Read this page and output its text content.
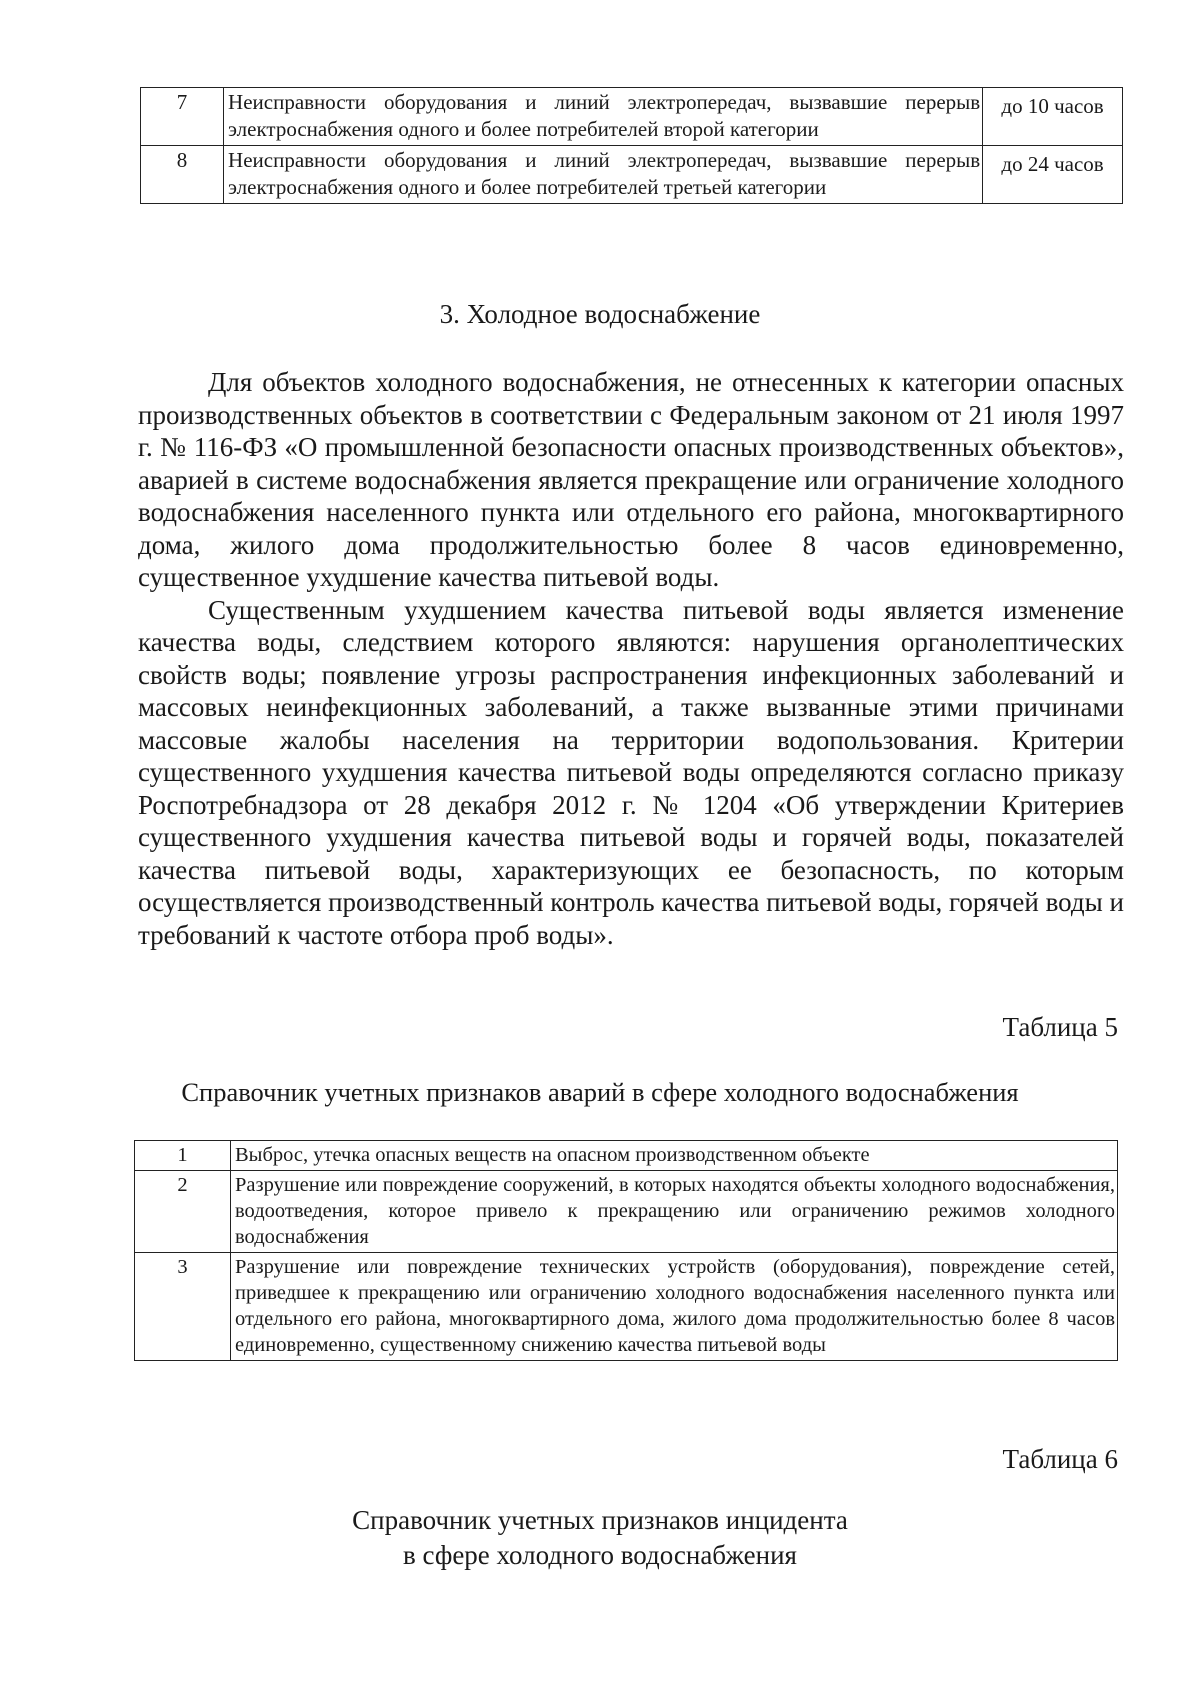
7	Неисправности оборудования и линий электропередач, вызвавшие перерыв электроснабжения одного и более потребителей второй категории	до 10 часов
8	Неисправности оборудования и линий электропередач, вызвавшие перерыв электроснабжения одного и более потребителей третьей категории	до 24 часов
3. Холодное водоснабжение

Для объектов холодного водоснабжения, не отнесенных к категории опасных производственных объектов в соответствии с Федеральным законом от 21 июля 1997 г. № 116-ФЗ «О промышленной безопасности опасных производственных объектов», аварией в системе водоснабжения является прекращение или ограничение холодного водоснабжения населенного пункта или отдельного его района, многоквартирного дома, жилого дома продолжительностью более 8 часов единовременно, существенное ухудшение качества питьевой воды.

Существенным ухудшением качества питьевой воды является изменение качества воды, следствием которого являются: нарушения органолептических свойств воды; появление угрозы распространения инфекционных заболеваний и массовых неинфекционных заболеваний, а также вызванные этими причинами массовые жалобы населения на территории водопользования. Критерии существенного ухудшения качества питьевой воды определяются согласно приказу Роспотребнадзора от 28 декабря 2012 г. № 1204 «Об утверждении Критериев существенного ухудшения качества питьевой воды и горячей воды, показателей качества питьевой воды, характеризующих ее безопасность, по которым осуществляется производственный контроль качества питьевой воды, горячей воды и требований к частоте отбора проб воды».

Таблица 5
Справочник учетных признаков аварий в сфере холодного водоснабжения
1	Выброс, утечка опасных веществ на опасном производственном объекте
2	Разрушение или повреждение сооружений, в которых находятся объекты холодного водоснабжения, водоотведения, которое привело к прекращению или ограничению режимов холодного водоснабжения
3	Разрушение или повреждение технических устройств (оборудования), повреждение сетей, приведшее к прекращению или ограничению холодного водоснабжения населенного пункта или отдельного его района, многоквартирного дома, жилого дома продолжительностью более 8 часов единовременно, существенному снижению качества питьевой воды
Таблица 6
Справочник учетных признаков инцидента
в сфере холодного водоснабжения
